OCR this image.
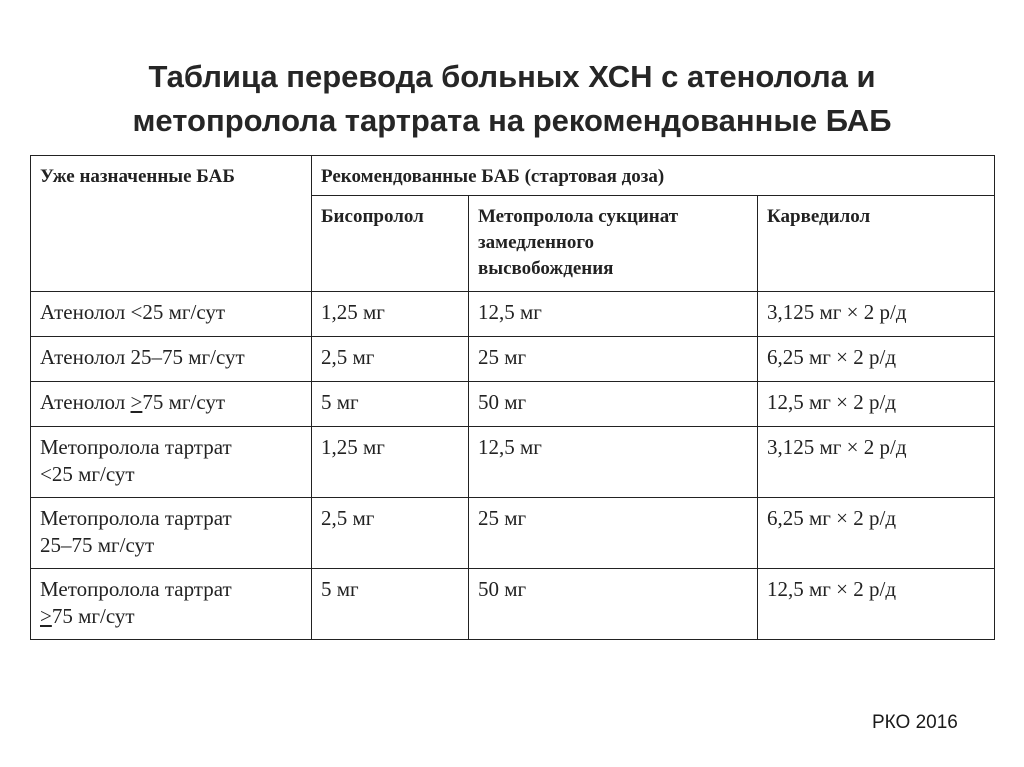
Таблица перевода больных ХСН с атенолола и
метопролола тартрата на рекомендованные БАБ
Уже назначенные БАБ	Рекомендованные БАБ (стартовая доза)		
	Бисопролол	Метопролола сукцинат
замедленного
высвобождения	Карведилол
Атенолол <25 мг/сут	1,25 мг	12,5 мг	3,125 мг × 2 р/д
Атенолол 25–75 мг/сут	2,5 мг	25 мг	6,25 мг × 2 р/д
Атенолол ≥75 мг/сут	5 мг	50 мг	12,5 мг × 2 р/д

Метопролола тартрат
<25 мг/сут	1,25 мг	12,5 мг	3,125 мг × 2 р/д

Метопролола тартрат
25–75 мг/сут	2,5 мг	25 мг	6,25 мг × 2 р/д

Метопролола тартрат
≥75 мг/сут	5 мг	50 мг	12,5 мг × 2 р/д
РКО 2016
